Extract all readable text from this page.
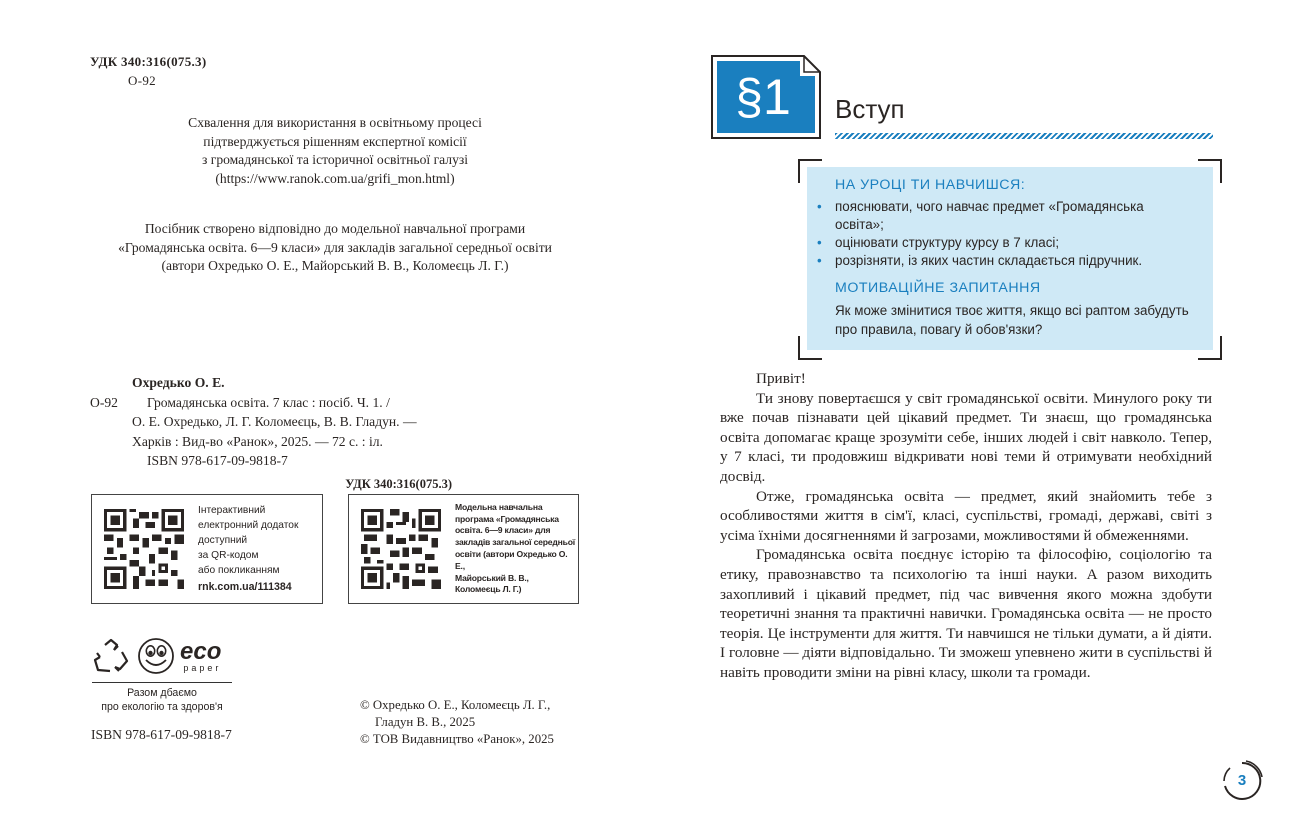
УДК 340:316(075.3)
О-92
Схвалення для використання в освітньому процесі
підтверджується рішенням експертної комісії
з громадянської та історичної освітньої галузі
(https://www.ranok.com.ua/grifi_mon.html)
Посібник створено відповідно до модельної навчальної програми
«Громадянська освіта. 6—9 класи» для закладів загальної середньої освіти
(автори Охредько О. Е., Майорський В. В., Коломеєць Л. Г.)
Охредько О. Е.
О-92	Громадянська освіта. 7 клас : посіб. Ч. 1. /
О. Е. Охредько, Л. Г. Коломеєць, В. В. Гладун. —
Харків : Вид-во «Ранок», 2025. — 72 с. : іл.
ISBN 978-617-09-9818-7
УДК 340:316(075.3)
Інтерактивний
електронний додаток
доступний
за QR-кодом
або покликанням
rnk.com.ua/111384
Модельна навчальна
програма «Громадянська
освіта. 6—9 класи» для
закладів загальної середньої
освіти (автори Охредько О. Е.,
Майорський В. В.,
Коломеєць Л. Г.)
eco
paper
Разом дбаємо
про екологію та здоров'я
ISBN 978-617-09-9818-7
© Охредько О. Е., Коломеєць Л. Г.,
Гладун В. В., 2025
© ТОВ Видавництво «Ранок», 2025
§1	Вступ
НА УРОЦІ ТИ НАВЧИШСЯ:
• пояснювати, чого навчає предмет «Громадянська освіта»;
• оцінювати структуру курсу в 7 класі;
• розрізняти, із яких частин складається підручник.
МОТИВАЦІЙНЕ ЗАПИТАННЯ
Як може змінитися твоє життя, якщо всі раптом забудуть про правила, повагу й обов'язки?

Привіт!

Ти знову повертаєшся у світ громадянської освіти. Минулого року ти вже почав пізнавати цей цікавий предмет. Ти знаєш, що громадянська освіта допомагає краще зрозуміти себе, інших людей і світ навколо. Тепер, у 7 класі, ти продовжиш відкривати нові теми й отримувати необхідний досвід.

Отже, громадянська освіта — предмет, який знайомить тебе з особливостями життя в сім'ї, класі, суспільстві, громаді, державі, світі з усіма їхніми досягненнями й загрозами, можливостями й обмеженнями.

Громадянська освіта поєднує історію та філософію, соціологію та етику, правознавство та психологію та інші науки. А разом виходить захопливий і цікавий предмет, під час вивчення якого можна здобути теоретичні знання та практичні навички. Громадянська освіта — не просто теорія. Це інструменти для життя. Ти навчишся не тільки думати, а й діяти. І головне — діяти відповідально. Ти зможеш упевнено жити в суспільстві й навіть проводити зміни на рівні класу, школи та громади.

3
